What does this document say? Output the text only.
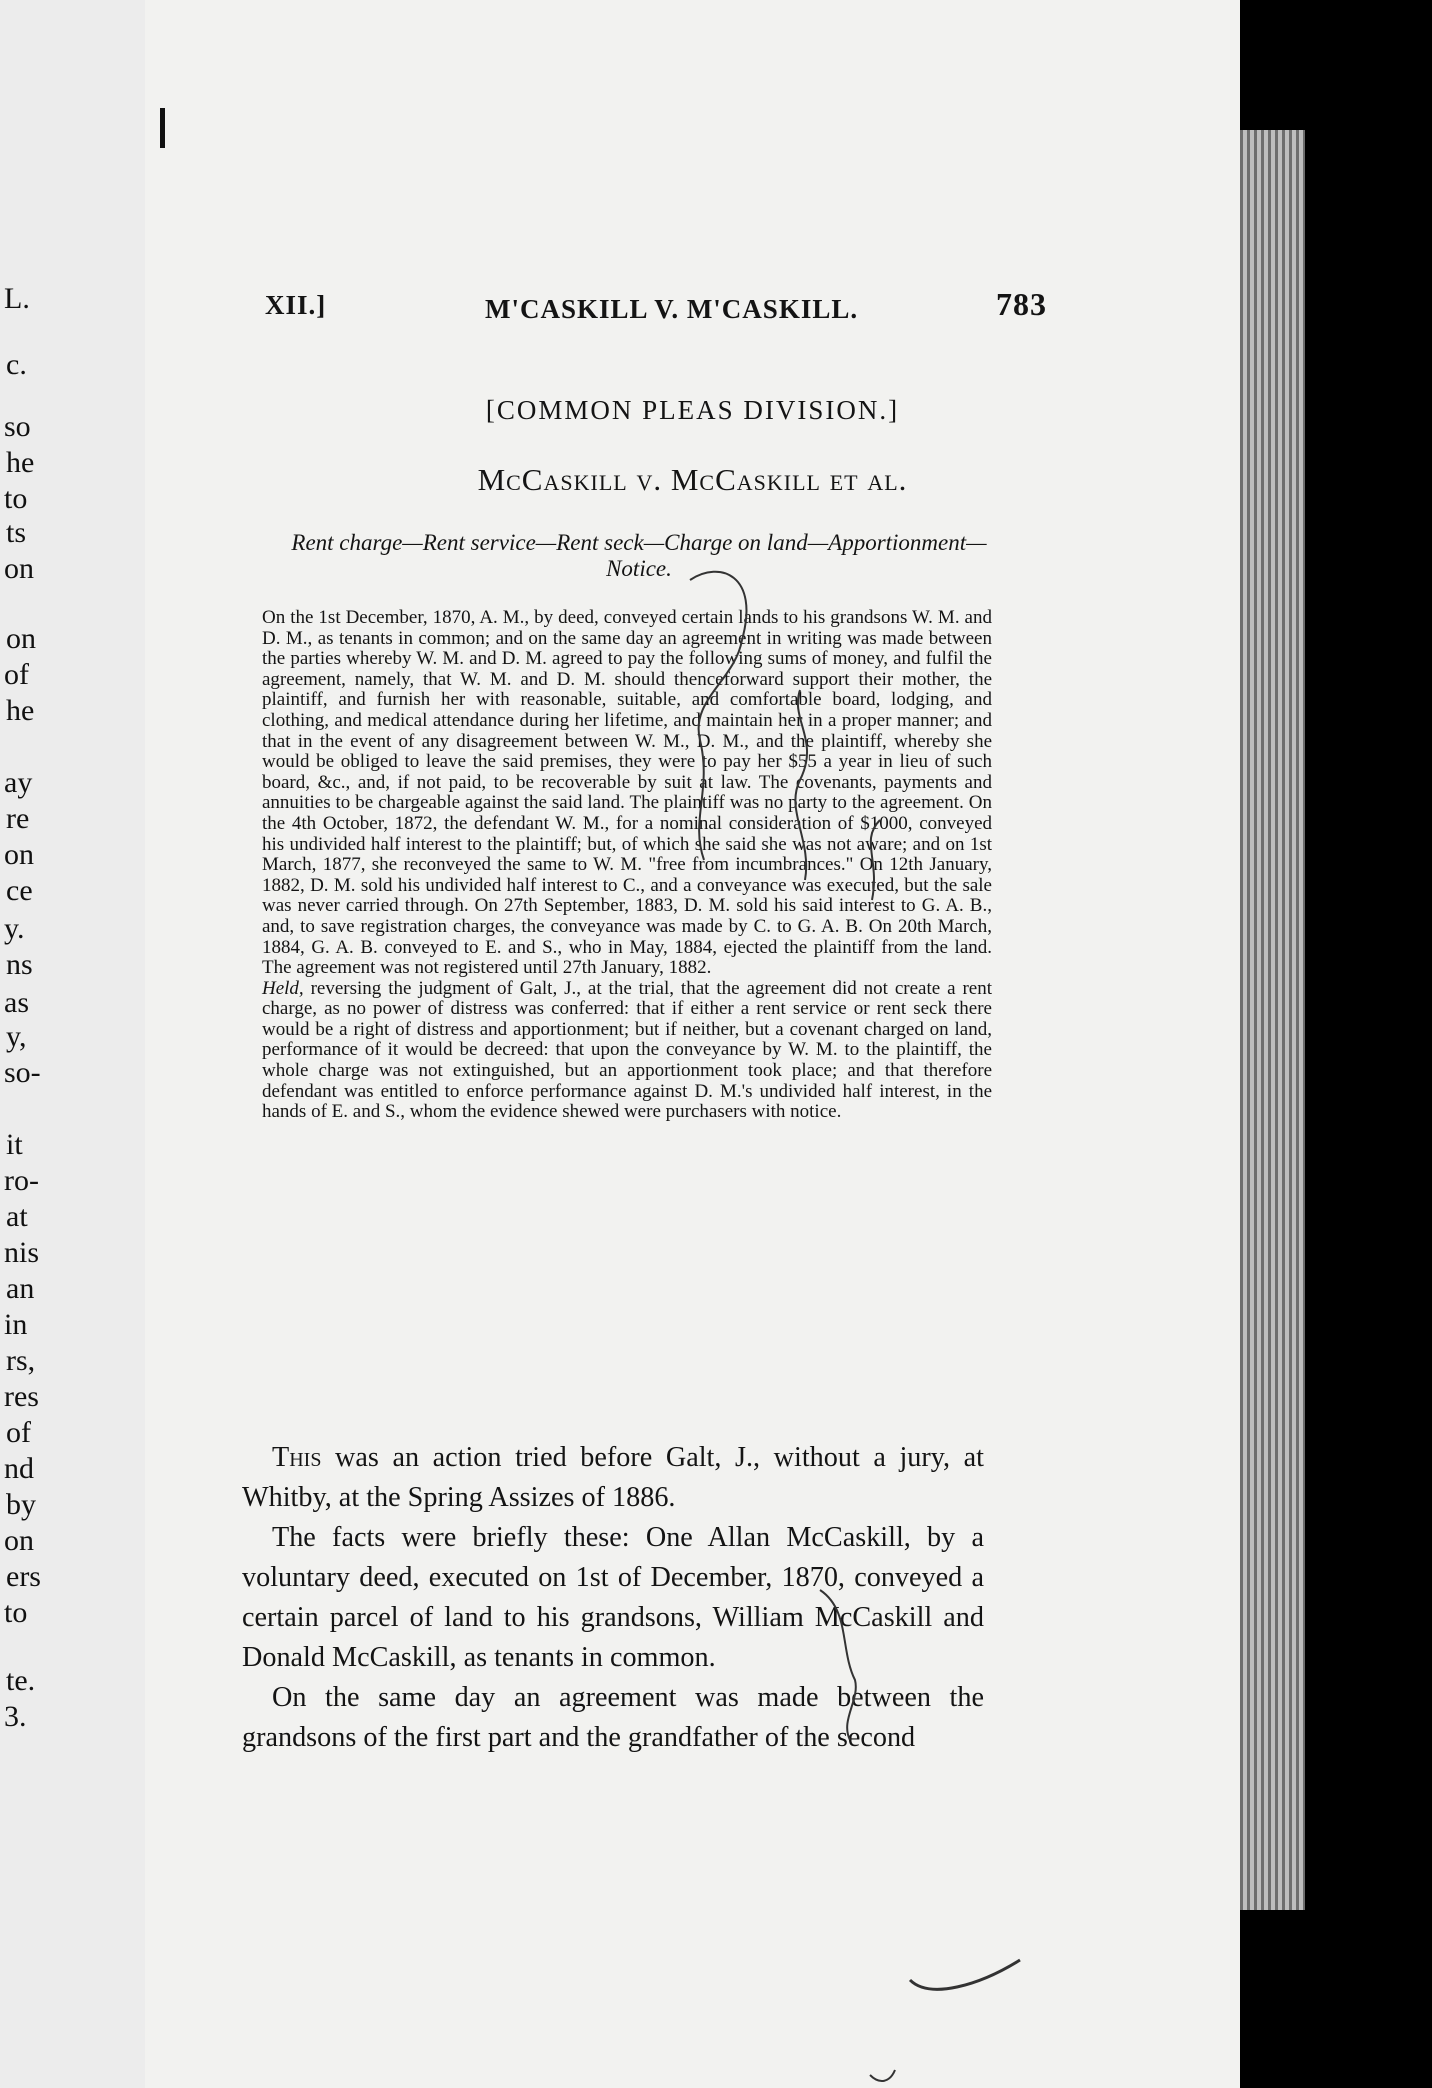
L.
c.
so
he
to
ts
on
on
of
he
ay
re
on
ce
y.
ns
as
y,
so-
it
ro-
at
nis
an
in
rs,
res
of
nd
by
on
ers
to
te.
3.
XII.]	M'CASKILL V. M'CASKILL.	783
[COMMON PLEAS DIVISION.]
McCaskill v. McCaskill et al.
Rent charge—Rent service—Rent seck—Charge on land—Apportionment—Notice.

On the 1st December, 1870, A. M., by deed, conveyed certain lands to his grandsons W. M. and D. M., as tenants in common; and on the same day an agreement in writing was made between the parties whereby W. M. and D. M. agreed to pay the following sums of money, and fulfil the agreement, namely, that W. M. and D. M. should thenceforward support their mother, the plaintiff, and furnish her with reasonable, suitable, and comfortable board, lodging, and clothing, and medical attendance during her lifetime, and maintain her in a proper manner; and that in the event of any disagreement between W. M., D. M., and the plaintiff, whereby she would be obliged to leave the said premises, they were to pay her $55 a year in lieu of such board, &c., and, if not paid, to be recoverable by suit at law. The covenants, payments and annuities to be chargeable against the said land. The plaintiff was no party to the agreement. On the 4th October, 1872, the defendant W. M., for a nominal consideration of $1000, conveyed his undivided half interest to the plaintiff; but, of which she said she was not aware; and on 1st March, 1877, she reconveyed the same to W. M. "free from incumbrances." On 12th January, 1882, D. M. sold his undivided half interest to C., and a conveyance was executed, but the sale was never carried through. On 27th September, 1883, D. M. sold his said interest to G. A. B., and, to save registration charges, the conveyance was made by C. to G. A. B. On 20th March, 1884, G. A. B. conveyed to E. and S., who in May, 1884, ejected the plaintiff from the land. The agreement was not registered until 27th January, 1882.

Held, reversing the judgment of Galt, J., at the trial, that the agreement did not create a rent charge, as no power of distress was conferred: that if either a rent service or rent seck there would be a right of distress and apportionment; but if neither, but a covenant charged on land, performance of it would be decreed: that upon the conveyance by W. M. to the plaintiff, the whole charge was not extinguished, but an apportionment took place; and that therefore defendant was entitled to enforce performance against D. M.'s undivided half interest, in the hands of E. and S., whom the evidence shewed were purchasers with notice.

This was an action tried before Galt, J., without a jury, at Whitby, at the Spring Assizes of 1886.

The facts were briefly these: One Allan McCaskill, by a voluntary deed, executed on 1st of December, 1870, conveyed a certain parcel of land to his grandsons, William McCaskill and Donald McCaskill, as tenants in common.

On the same day an agreement was made between the grandsons of the first part and the grandfather of the second
